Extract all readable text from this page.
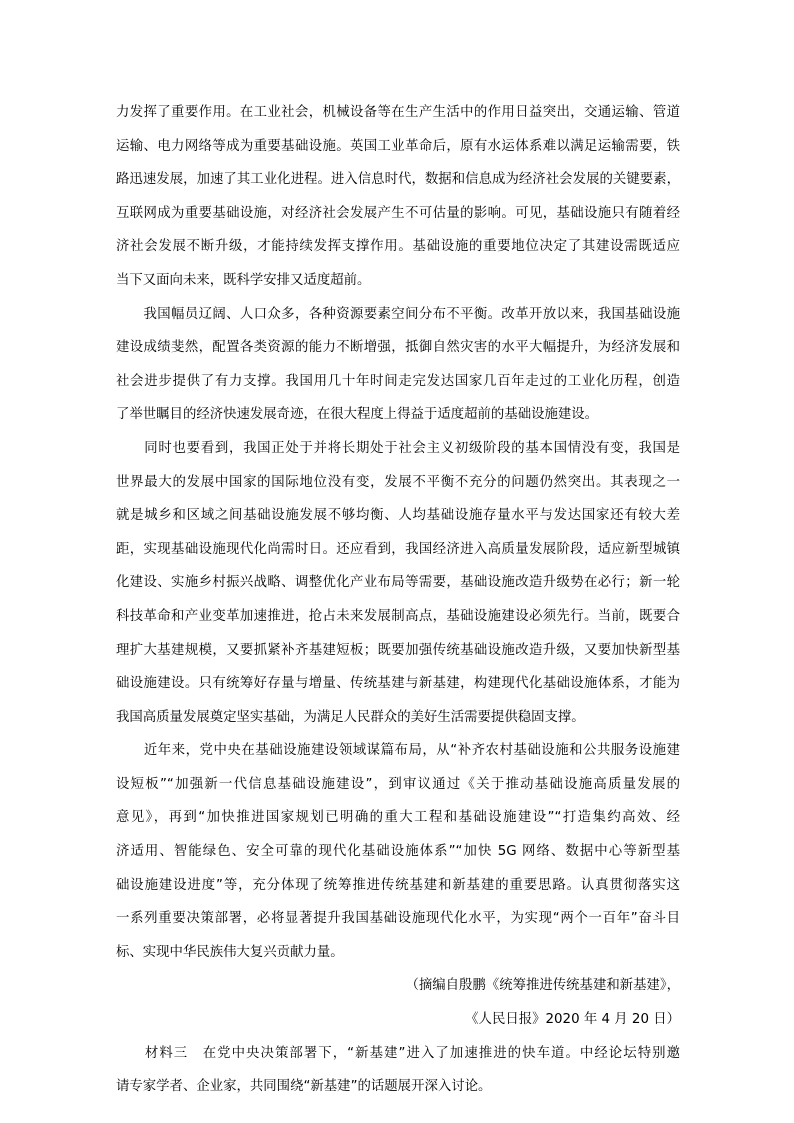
力发挥了重要作用。在工业社会，机械设备等在生产生活中的作用日益突出，交通运输、管道
运输、电力网络等成为重要基础设施。英国工业革命后，原有水运体系难以满足运输需要，铁
路迅速发展，加速了其工业化进程。进入信息时代，数据和信息成为经济社会发展的关键要素，
互联网成为重要基础设施，对经济社会发展产生不可估量的影响。可见，基础设施只有随着经
济社会发展不断升级，才能持续发挥支撑作用。基础设施的重要地位决定了其建设需既适应
当下又面向未来，既科学安排又适度超前。
　　我国幅员辽阔、人口众多，各种资源要素空间分布不平衡。改革开放以来，我国基础设施
建设成绩斐然，配置各类资源的能力不断增强，抵御自然灾害的水平大幅提升，为经济发展和
社会进步提供了有力支撑。我国用几十年时间走完发达国家几百年走过的工业化历程，创造
了举世瞩目的经济快速发展奇迹，在很大程度上得益于适度超前的基础设施建设。
　　同时也要看到，我国正处于并将长期处于社会主义初级阶段的基本国情没有变，我国是
世界最大的发展中国家的国际地位没有变，发展不平衡不充分的问题仍然突出。其表现之一
就是城乡和区域之间基础设施发展不够均衡、人均基础设施存量水平与发达国家还有较大差
距，实现基础设施现代化尚需时日。还应看到，我国经济进入高质量发展阶段，适应新型城镇
化建设、实施乡村振兴战略、调整优化产业布局等需要，基础设施改造升级势在必行；新一轮
科技革命和产业变革加速推进，抢占未来发展制高点，基础设施建设必须先行。当前，既要合
理扩大基建规模，又要抓紧补齐基建短板；既要加强传统基础设施改造升级，又要加快新型基
础设施建设。只有统筹好存量与增量、传统基建与新基建，构建现代化基础设施体系，才能为
我国高质量发展奠定坚实基础，为满足人民群众的美好生活需要提供稳固支撑。
　　近年来，党中央在基础设施建设领域谋篇布局，从“补齐农村基础设施和公共服务设施建
设短板”“加强新一代信息基础设施建设”，到审议通过《关于推动基础设施高质量发展的
意见》，再到“加快推进国家规划已明确的重大工程和基础设施建设”“打造集约高效、经
济适用、智能绿色、安全可靠的现代化基础设施体系”“加快 5G 网络、数据中心等新型基
础设施建设进度”等，充分体现了统筹推进传统基建和新基建的重要思路。认真贯彻落实这
一系列重要决策部署，必将显著提升我国基础设施现代化水平，为实现“两个一百年”奋斗目
标、实现中华民族伟大复兴贡献力量。
（摘编自殷鹏《统筹推进传统基建和新基建》，
《人民日报》2020 年 4 月 20 日）
　　材料三　在党中央决策部署下，“新基建”进入了加速推进的快车道。中经论坛特别邀
请专家学者、企业家，共同围绕“新基建”的话题展开深入讨论。
